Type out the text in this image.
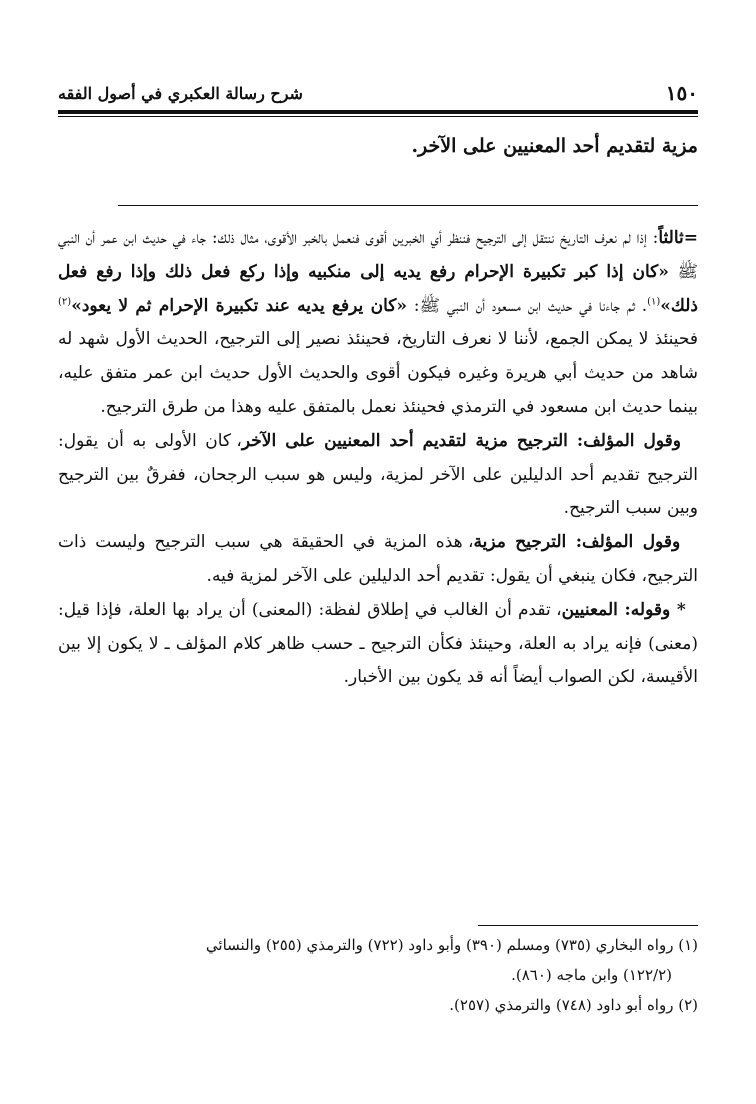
١٥٠
شرح رسالة العكبري في أصول الفقه
مزية لتقديم أحد المعنيين على الآخر.

=ثالثاً: إذا لم نعرف التاريخ ننتقل إلى الترجيح فننظر أي الخبرين أقوى فنعمل بالخبر الأقوى، مثال ذلك: جاء في حديث ابن عمر أن النبي ﷺ «كان إذا كبر تكبيرة الإحرام رفع يديه إلى منكبيه وإذا ركع فعل ذلك وإذا رفع فعل ذلك»$^{(١)}$. ثم جاءنا في حديث ابن مسعود أن النبي ﷺ: «كان يرفع يديه عند تكبيرة الإحرام ثم لا يعود»$^{(٢)}$ فحينئذ لا يمكن الجمع، لأننا لا نعرف التاريخ، فحينئذ نصير إلى الترجيح، الحديث الأول شهد له شاهد من حديث أبي هريرة وغيره فيكون أقوى والحديث الأول حديث ابن عمر متفق عليه، بينما حديث ابن مسعود في الترمذي فحينئذ نعمل بالمتفق عليه وهذا من طرق الترجيح.

وقول المؤلف: الترجيح مزية لتقديم أحد المعنيين على الآخر، كان الأولى به أن يقول: الترجيح تقديم أحد الدليلين على الآخر لمزية، وليس هو سبب الرجحان، ففرقٌ بين الترجيح وبين سبب الترجيح.

وقول المؤلف: الترجيح مزية، هذه المزية في الحقيقة هي سبب الترجيح وليست ذات الترجيح، فكان ينبغي أن يقول: تقديم أحد الدليلين على الآخر لمزية فيه.

* وقوله: المعنيين، تقدم أن الغالب في إطلاق لفظة: (المعنى) أن يراد بها العلة، فإذا قيل: (معنى) فإنه يراد به العلة، وحينئذ فكأن الترجيح ـ حسب ظاهر كلام المؤلف ـ لا يكون إلا بين الأقيسة، لكن الصواب أيضاً أنه قد يكون بين الأخبار.

(١) رواه البخاري (٧٣٥) ومسلم (٣٩٠) وأبو داود (٧٢٢) والترمذي (٢٥٥) والنسائي

(١٢٢/٢) وابن ماجه (٨٦٠).

(٢) رواه أبو داود (٧٤٨) والترمذي (٢٥٧).
